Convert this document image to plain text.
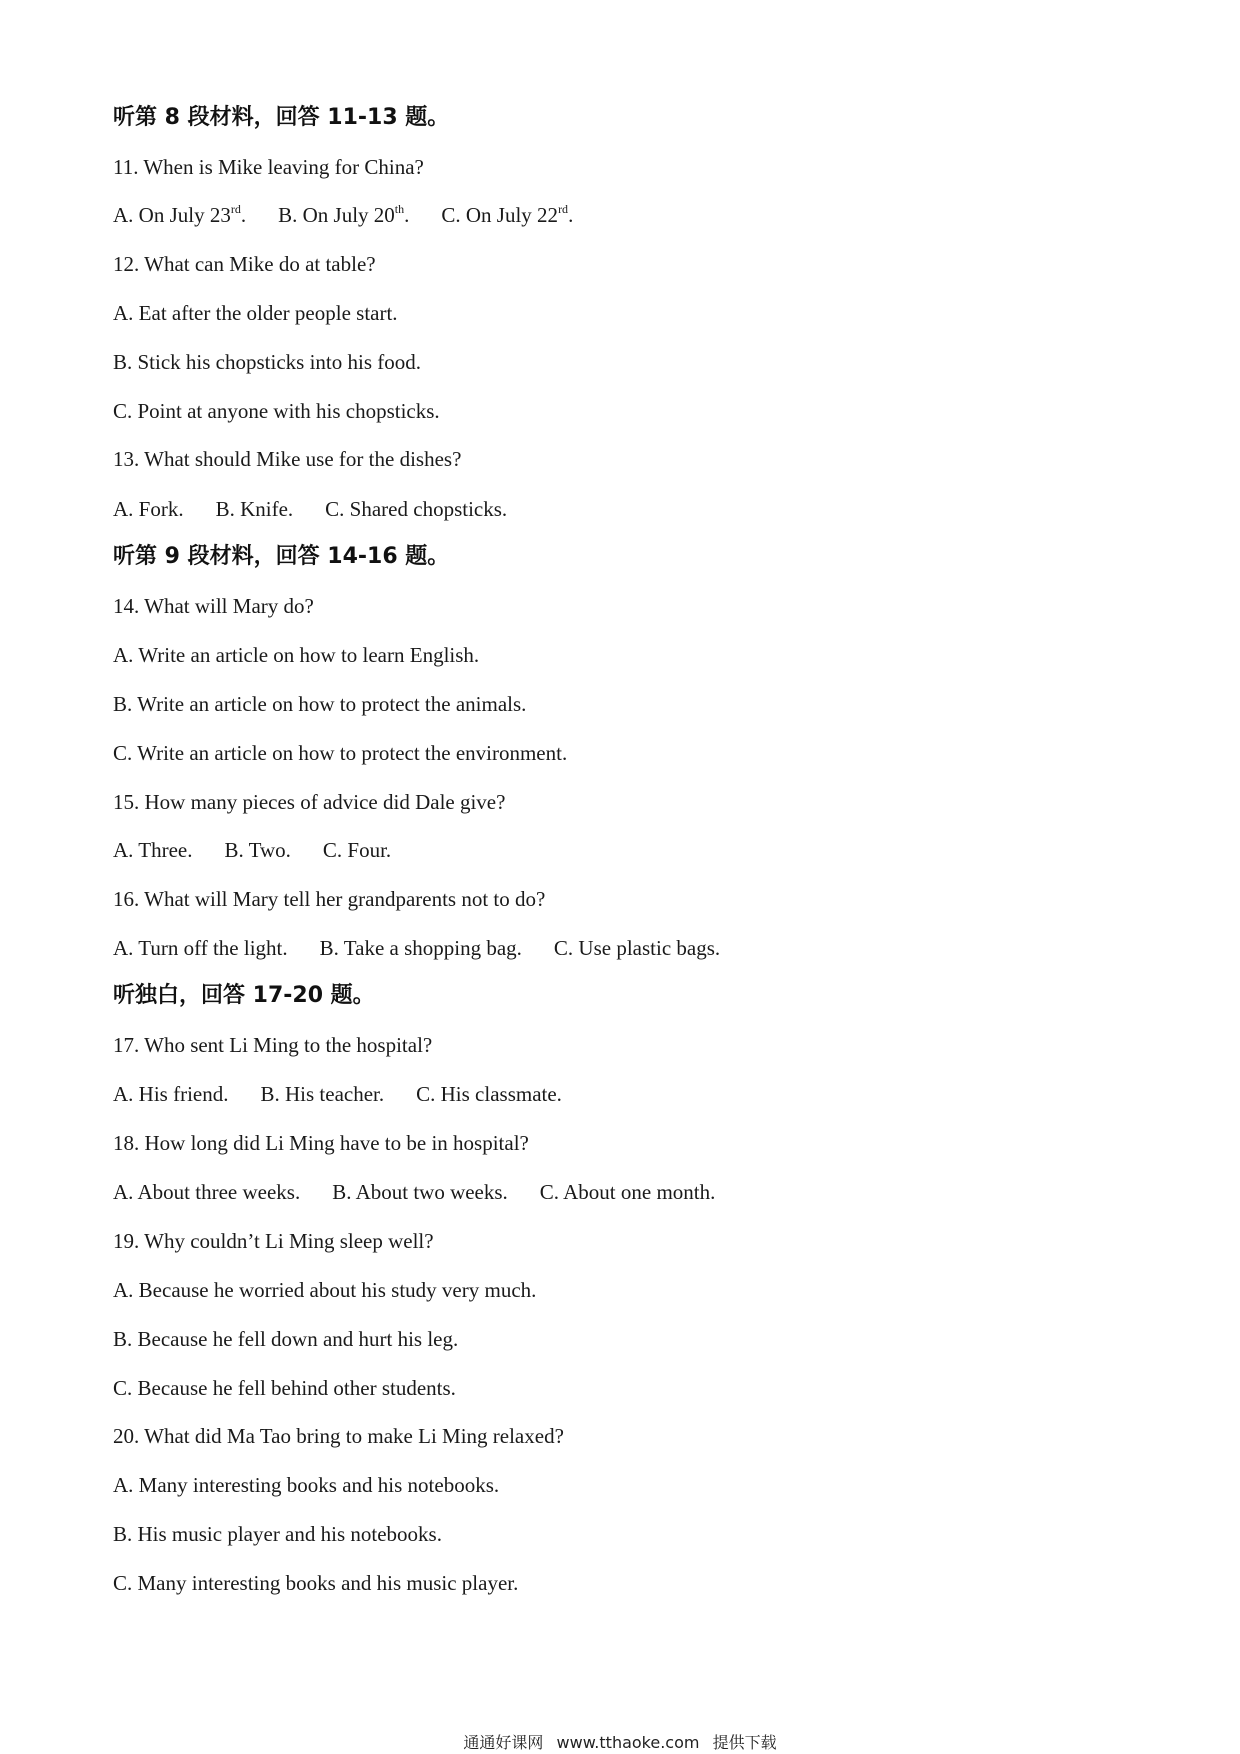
听第 8 段材料，回答 11-13 题。
11. When is Mike leaving for China?
A. On July 23rd. B. On July 20th. C. On July 22rd.
12. What can Mike do at table?
A. Eat after the older people start.
B. Stick his chopsticks into his food.
C. Point at anyone with his chopsticks.
13. What should Mike use for the dishes?
A. Fork. B. Knife. C. Shared chopsticks.
听第 9 段材料，回答 14-16 题。
14. What will Mary do?
A. Write an article on how to learn English.
B. Write an article on how to protect the animals.
C. Write an article on how to protect the environment.
15. How many pieces of advice did Dale give?
A. Three. B. Two. C. Four.
16. What will Mary tell her grandparents not to do?
A. Turn off the light. B. Take a shopping bag. C. Use plastic bags.
听独白，回答 17-20 题。
17. Who sent Li Ming to the hospital?
A. His friend. B. His teacher. C. His classmate.
18. How long did Li Ming have to be in hospital?
A. About three weeks. B. About two weeks. C. About one month.
19. Why couldn’t Li Ming sleep well?
A. Because he worried about his study very much.
B. Because he fell down and hurt his leg.
C. Because he fell behind other students.
20. What did Ma Tao bring to make Li Ming relaxed?
A. Many interesting books and his notebooks.
B. His music player and his notebooks.
C. Many interesting books and his music player.
通通好课网 www.tthaoke.com 提供下载
